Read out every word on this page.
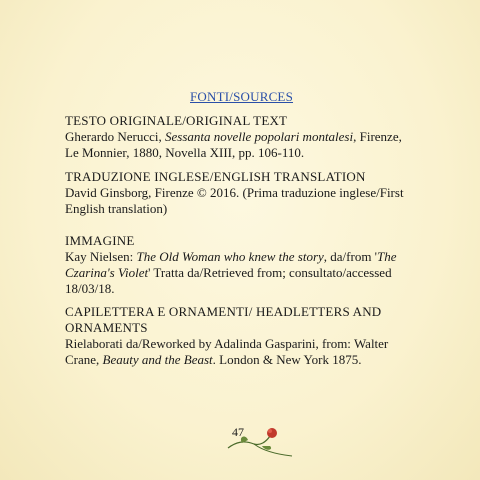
FONTI/SOURCES
TESTO ORIGINALE/ORIGINAL TEXT
Gherardo Nerucci, Sessanta novelle popolari montalesi, Firenze, Le Monnier, 1880, Novella XIII, pp. 106-110.
TRADUZIONE INGLESE/ENGLISH TRANSLATION
David Ginsborg, Firenze © 2016. (Prima traduzione inglese/First English translation)
IMMAGINE
Kay Nielsen: The Old Woman who knew the story, da/from 'The Czarina's Violet' Tratta da/Retrieved from; consultato/accessed 18/03/18.
CAPILETTERA E ORNAMENTI/ HEADLETTERS AND ORNAMENTS
Rielaborati da/Reworked by Adalinda Gasparini, from: Walter Crane, Beauty and the Beast. London & New York 1875.
47
